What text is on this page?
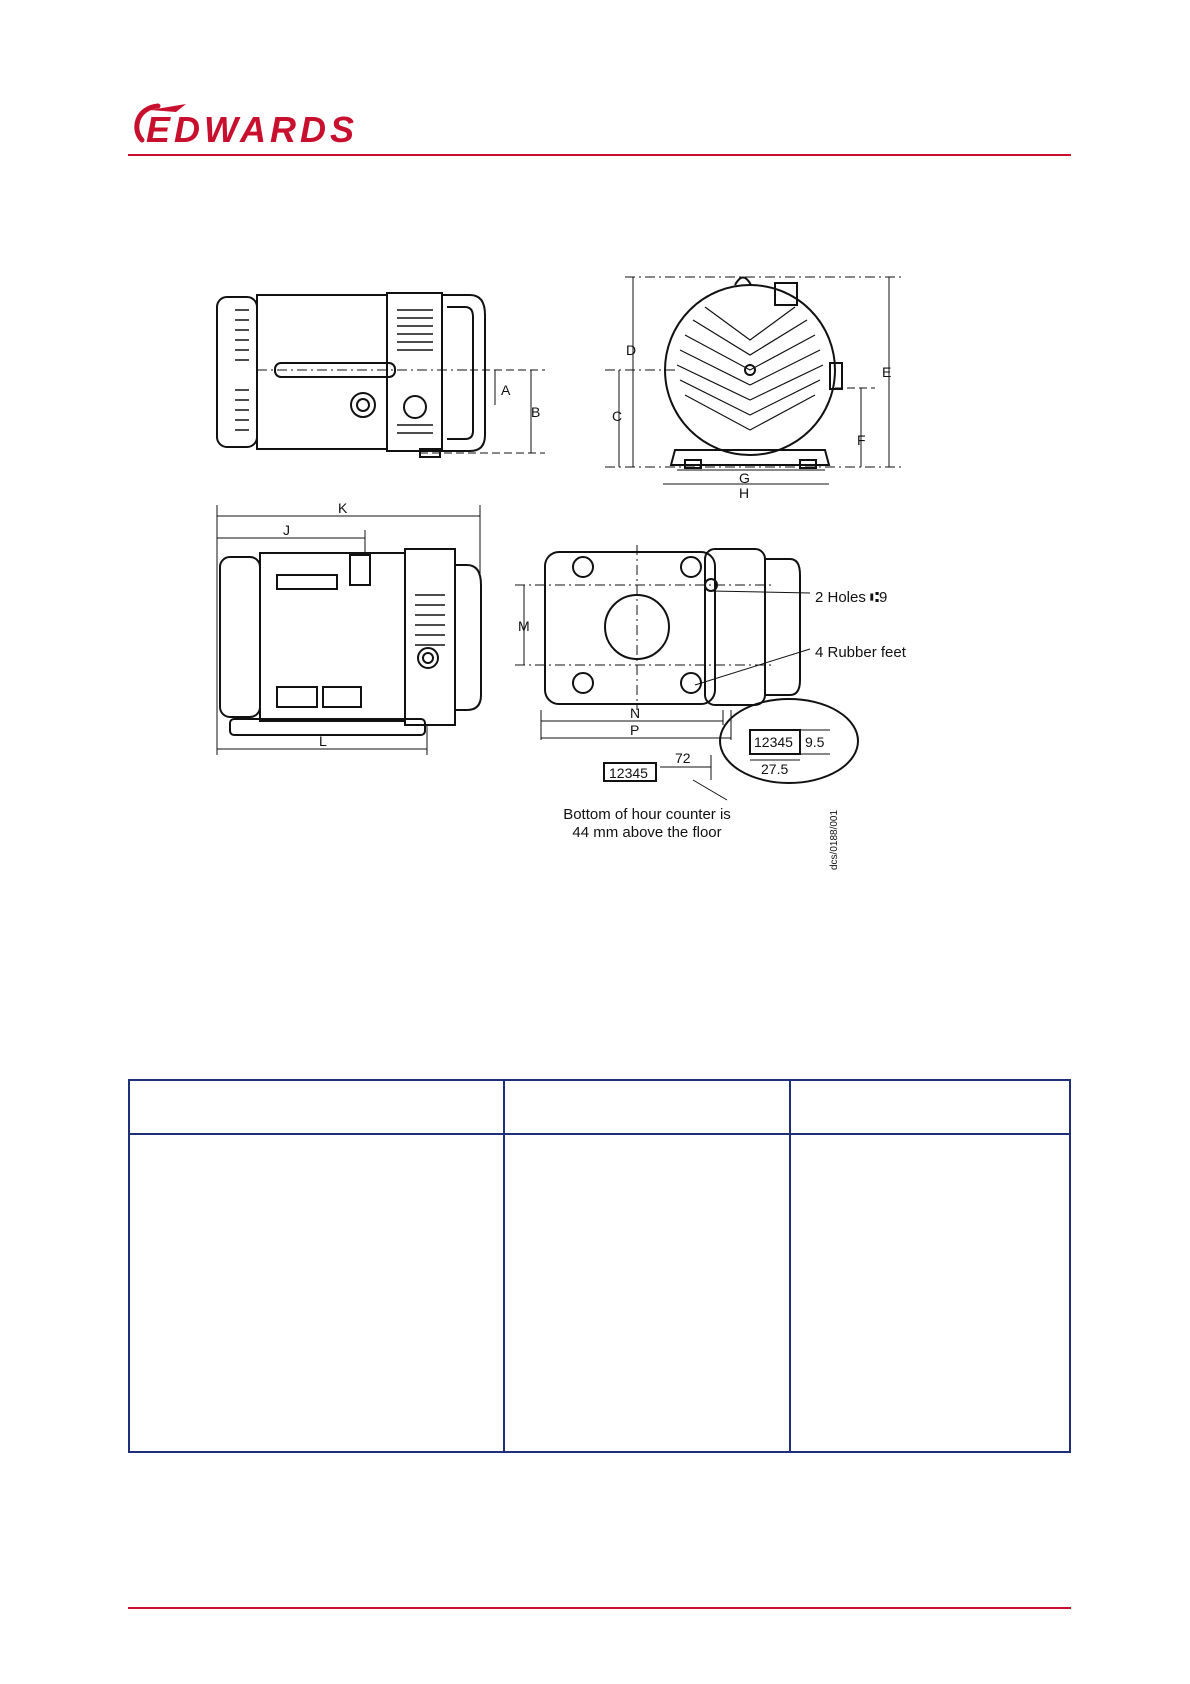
EDWARDS
A
B	C
D
E
F
G
H
J
K
L
M
N
P
2 Holes ⑆9
4 Rubber feet
12345
72
12345 9.5
27.5
Bottom of hour counter is
44 mm above the floor	dcs/0188/001
